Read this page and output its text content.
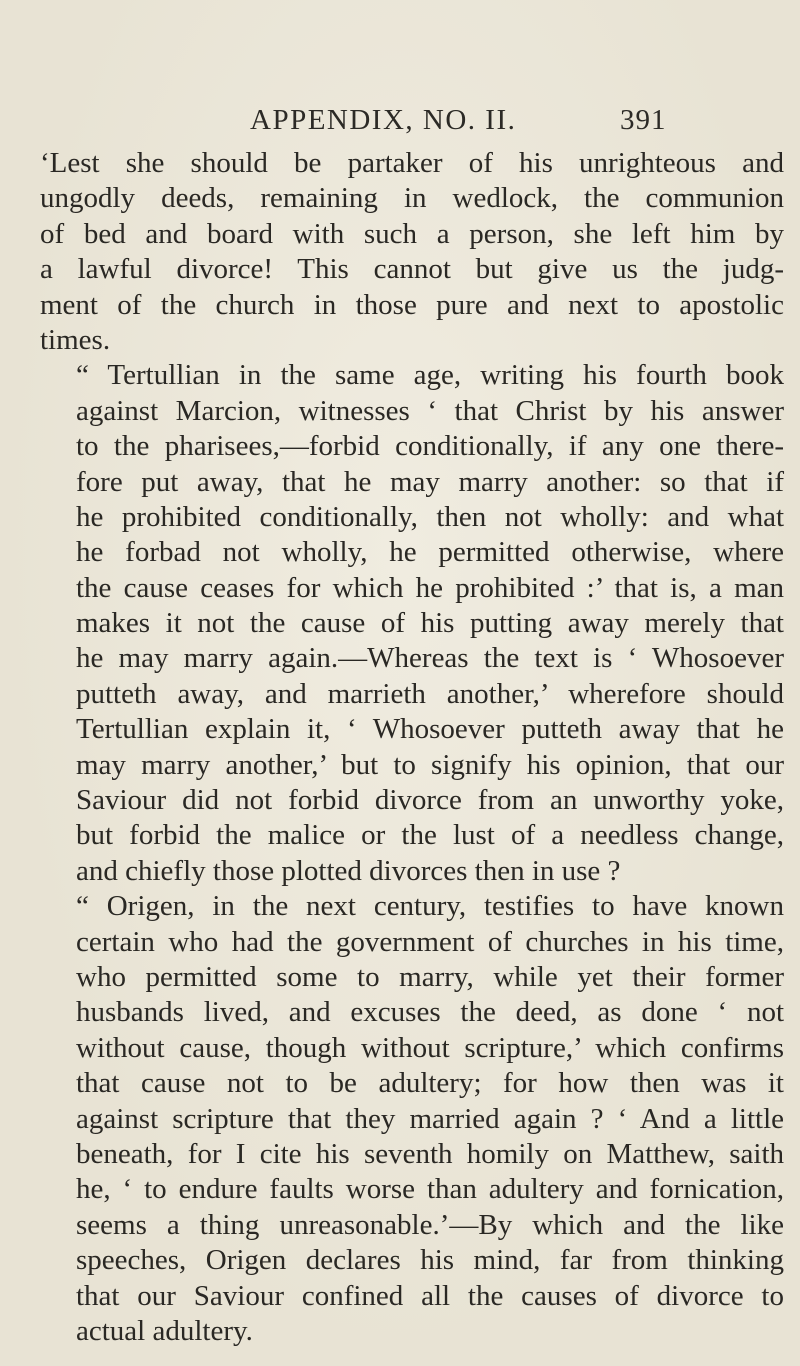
APPENDIX, NO. II.	391
‘Lest she should be partaker of his unrighteous and
ungodly deeds, remaining in wedlock, the communion
of bed and board with such a person, she left him by
a lawful divorce! This cannot but give us the judg-
ment of the church in those pure and next to apostolic
times.
“ Tertullian in the same age, writing his fourth book
against Marcion, witnesses ‘ that Christ by his answer
to the pharisees,—forbid conditionally, if any one there-
fore put away, that he may marry another: so that if
he prohibited conditionally, then not wholly: and what
he forbad not wholly, he permitted otherwise, where
the cause ceases for which he prohibited :’ that is, a man
makes it not the cause of his putting away merely that
he may marry again.—Whereas the text is ‘ Whosoever
putteth away, and marrieth another,’ wherefore should
Tertullian explain it, ‘ Whosoever putteth away that he
may marry another,’ but to signify his opinion, that our
Saviour did not forbid divorce from an unworthy yoke,
but forbid the malice or the lust of a needless change,
and chiefly those plotted divorces then in use ?
“ Origen, in the next century, testifies to have known
certain who had the government of churches in his time,
who permitted some to marry, while yet their former
husbands lived, and excuses the deed, as done ‘ not
without cause, though without scripture,’ which confirms
that cause not to be adultery; for how then was it
against scripture that they married again ? ‘ And a little
beneath, for I cite his seventh homily on Matthew, saith
he, ‘ to endure faults worse than adultery and fornication,
seems a thing unreasonable.’—By which and the like
speeches, Origen declares his mind, far from thinking
that our Saviour confined all the causes of divorce to
actual adultery.
